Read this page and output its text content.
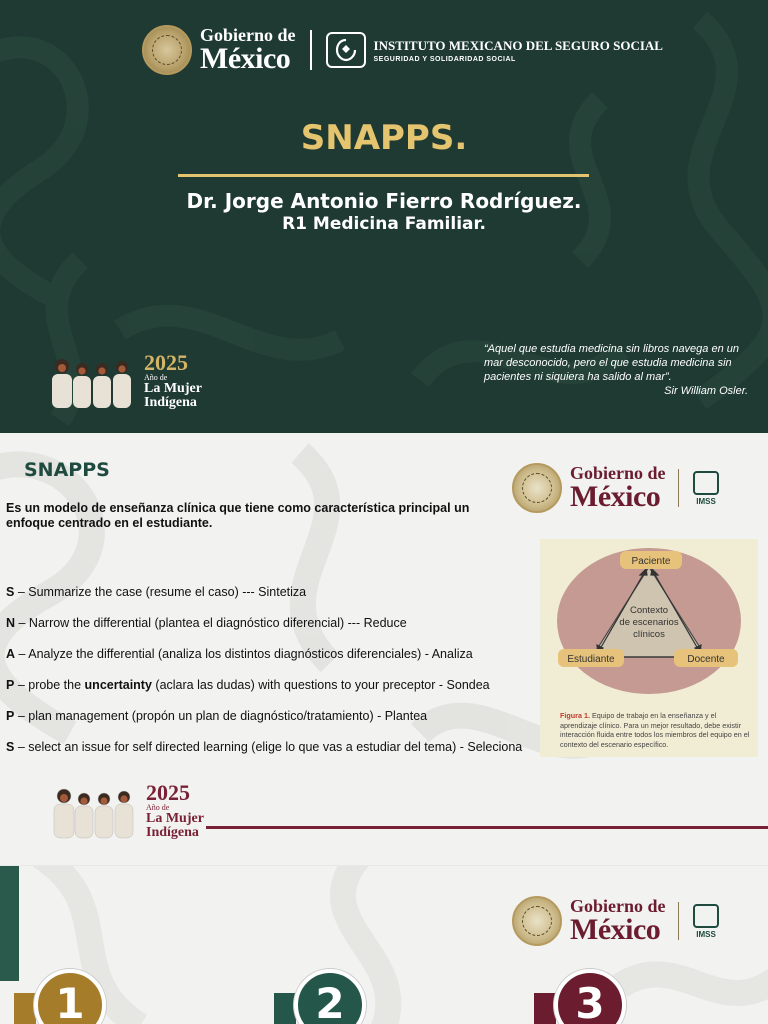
Gobierno de
México	INSTITUTO MEXICANO DEL SEGURO SOCIAL
SEGURIDAD Y SOLIDARIDAD SOCIAL
SNAPPS.
Dr. Jorge Antonio Fierro Rodríguez.
R1 Medicina Familiar.
“Aquel que estudia medicina sin libros navega en un mar desconocido, pero el que estudia medicina sin pacientes ni siquiera ha salido al mar”.
Sir William Osler.
2025
Año de
La Mujer
Indígena
SNAPPS
Es un modelo de enseñanza clínica que tiene como característica principal un enfoque centrado en el estudiante.
S – Summarize the case (resume el caso) --- Sintetiza
N – Narrow the differential (plantea el diagnóstico diferencial) --- Reduce
A – Analyze the differential (analiza los distintos diagnósticos diferenciales) - Analiza
P – probe the uncertainty (aclara las dudas) with questions to your preceptor - Sondea
P – plan management (propón un plan de diagnóstico/tratamiento) - Plantea
S – select an issue for self directed learning (elige lo que vas a estudiar del tema) - Seleciona
Gobierno de
México	IMSS
Paciente
Estudiante	Docente
Contexto
de escenarios
clínicos
Figura 1. Equipo de trabajo en la enseñanza y el aprendizaje clínico. Para un mejor resultado, debe existir interacción fluida entre todos los miembros del equipo en el contexto del escenario específico.
2025
Año de
La Mujer
Indígena
Gobierno de
México	IMSS
1	2	3
